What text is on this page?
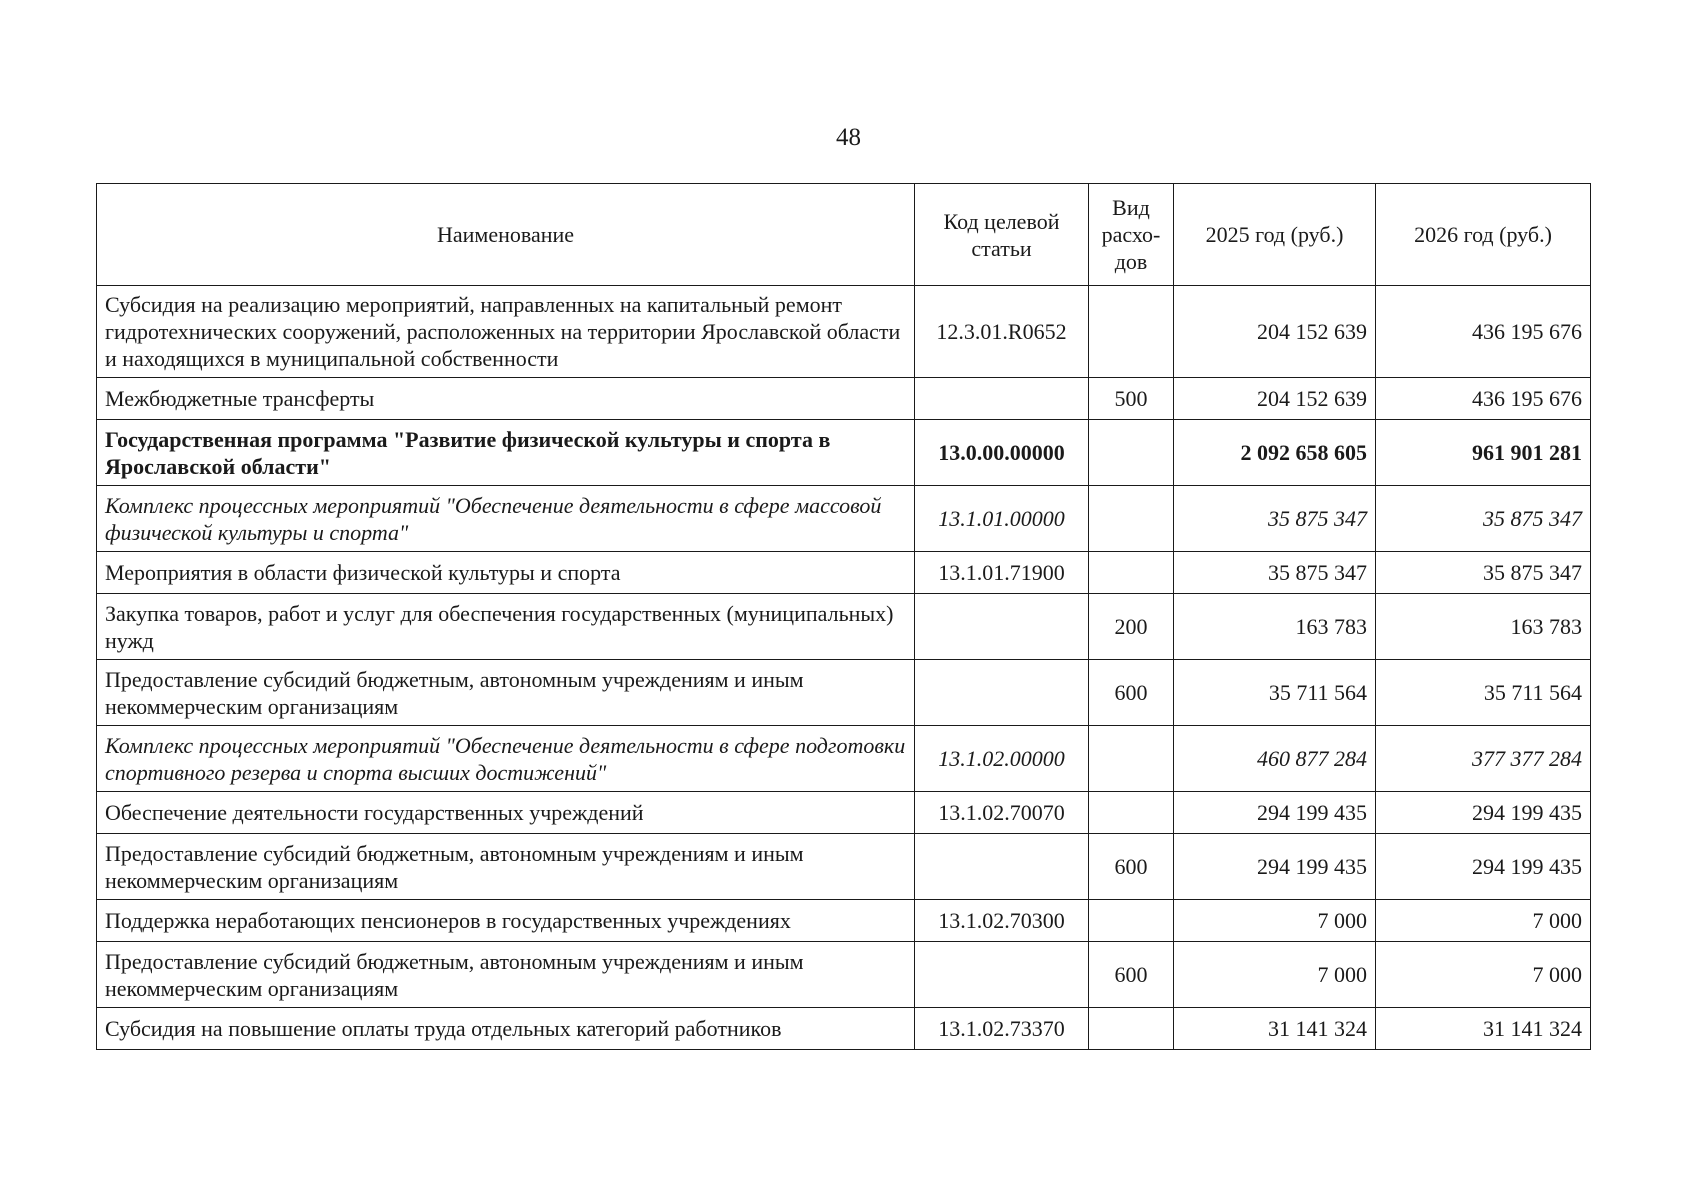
48
Наименование	Код целевой статьи	Вид расхо-дов	2025 год (руб.)	2026 год (руб.)
Субсидия на реализацию мероприятий, направленных на капитальный ремонт гидротехнических сооружений, расположенных на территории Ярославской области и находящихся в муниципальной собственности	12.3.01.R0652		204 152 639	436 195 676
Межбюджетные трансферты		500	204 152 639	436 195 676
Государственная программа "Развитие физической культуры и спорта в Ярославской области"	13.0.00.00000		2 092 658 605	961 901 281
Комплекс процессных мероприятий "Обеспечение деятельности в сфере массовой физической культуры и спорта"	13.1.01.00000		35 875 347	35 875 347
Мероприятия в области физической культуры и спорта	13.1.01.71900		35 875 347	35 875 347
Закупка товаров, работ и услуг для обеспечения государственных (муниципальных) нужд		200	163 783	163 783
Предоставление субсидий бюджетным, автономным учреждениям и иным некоммерческим организациям		600	35 711 564	35 711 564
Комплекс процессных мероприятий "Обеспечение деятельности в сфере подготовки спортивного резерва и спорта высших достижений"	13.1.02.00000		460 877 284	377 377 284
Обеспечение деятельности государственных учреждений	13.1.02.70070		294 199 435	294 199 435
Предоставление субсидий бюджетным, автономным учреждениям и иным некоммерческим организациям		600	294 199 435	294 199 435
Поддержка неработающих пенсионеров в государственных учреждениях	13.1.02.70300		7 000	7 000
Предоставление субсидий бюджетным, автономным учреждениям и иным некоммерческим организациям		600	7 000	7 000
Субсидия на повышение оплаты труда отдельных категорий работников	13.1.02.73370		31 141 324	31 141 324
